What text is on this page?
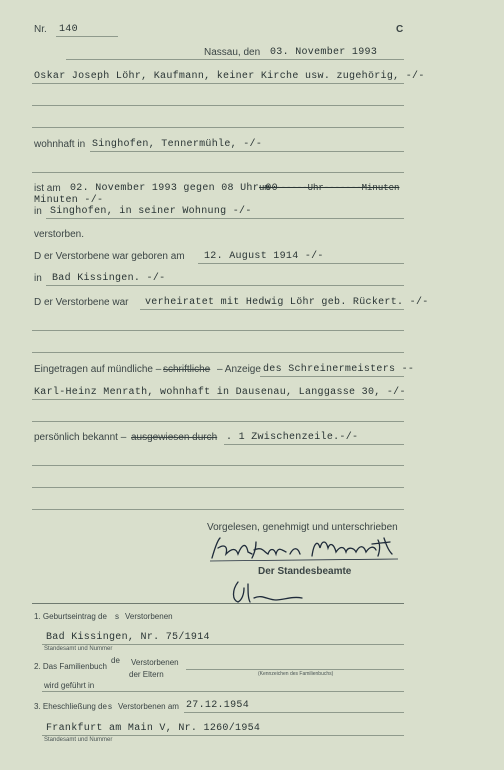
Nr. 140	C
Nassau, den 03. November 1993
Oskar Joseph Löhr, Kaufmann, keiner Kirche usw. zugehörig, -/-
wohnhaft in Singhofen, Tennermühle, -/-
ist am 02. November 1993 gegen 08 Uhr 00
um-------Uhr-------Minuten
Minuten -/-
in Singhofen, in seiner Wohnung -/-
verstorben.
D er Verstorbene war geboren am 12. August 1914 -/-
in Bad Kissingen. -/-
D er Verstorbene war verheiratet mit Hedwig Löhr geb. Rückert. -/-
Eingetragen auf mündliche – schriftliche – Anzeige des Schreinermeisters --
Karl-Heinz Menrath, wohnhaft in Dausenau, Langgasse 30, -/-
persönlich bekannt – ausgewiesen durch . 1 Zwischenzeile.-/-
Vorgelesen, genehmigt und unterschrieben
Der Standesbeamte
1. Geburtseintrag de s Verstorbenen
Bad Kissingen, Nr. 75/1914
Standesamt und Nummer
2. Das Familienbuch
de Verstorbenen
der Eltern	(Kennzeichen des Familienbuchs)
wird geführt in
3. Eheschließung de s Verstorbenen am 27.12.1954
Frankfurt am Main V, Nr. 1260/1954
Standesamt und Nummer
